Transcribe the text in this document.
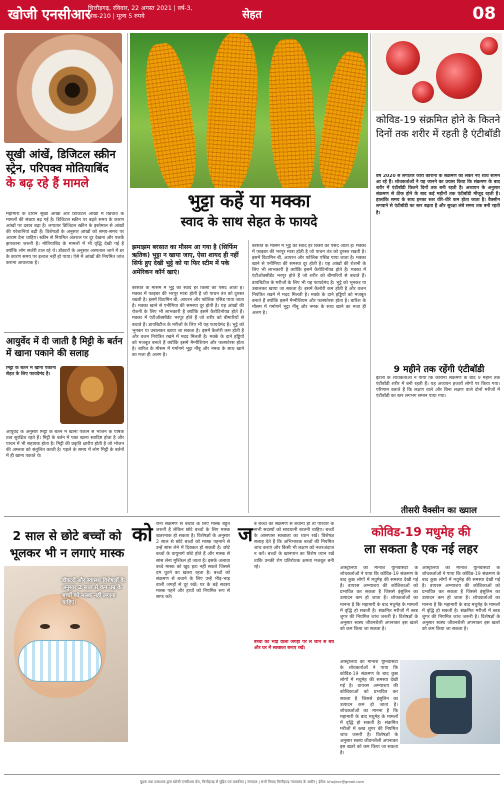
खोजी एनसीआर
चित्तौड़गढ़, रविवार, 22 अगस्त 2021 | वर्ष-3, अंक-210 | मूल्य 5 रुपये	सेहत	08
सूखी आंखें, डिजिटल स्क्रीन स्ट्रेन, परिपक्व मोतियाबिंद
के बढ़ रहे हैं मामले
महामारी के दौरान सूखी आंखों और डिजिटल आंखों में खिंचाव के मामलों की संख्या बढ़ गई है। डिजिटल स्क्रीन पर बढ़ते समय के कारण आंखों पर दबाव बढ़ा है। लगातार डिजिटल स्क्रीन के इस्तेमाल से आंखों की परेशानियां बढ़ी हैं। विशेषज्ञों के अनुसार आंखों को समय-समय पर आराम देना चाहिए। स्क्रीन से नियमित अंतराल पर दूर देखना और पलकें झपकाना जरूरी है। मोतियाबिंद के मामलों में भी वृद्धि देखी गई है क्योंकि लोग सर्जरी टाल रहे थे। डॉक्टरों के अनुसार अस्पताल जाने में डर के कारण समय पर इलाज नहीं हो पाया। ऐसे में आंखों की नियमित जांच कराना आवश्यक है।
आयुर्वेद में दी जाती है मिट्टी के बर्तन में खाना पकाने की सलाह
मिट्टी के बर्तन में खाना पकाना सेहत के लिए फायदेमंद है।
आयुर्वेद के अनुसार मिट्टी के बर्तन में खाना पकाने से भोजन के पोषक तत्व सुरक्षित रहते हैं। मिट्टी के बर्तन में पका खाना स्वादिष्ट होता है और पाचन में भी सहायक होता है। मिट्टी की प्रकृति क्षारीय होती है जो भोजन की अम्लता को संतुलित करती है। पहले के समय में लोग मिट्टी के बर्तनों में ही खाना पकाते थे।
भुट्टा कहें या मक्का
स्वाद के साथ सेहत के फायदे
झमाझम बरसात का मौसम आ गया है (सिर्फिम ऋतिक) भुट्टा न खाया जाए, ऐसा शायद ही नहीं सिर्फ हुए देखी भुट्टे को या फिर स्टीम में पके अमेरिकन कॉर्न खाएं।
बरसात के मौसम में भुट्टे का स्वाद हर किसी को पसंद आता है। मक्का में फाइबर की भरपूर मात्रा होती है जो पाचन तंत्र को दुरुस्त रखती है। इसमें विटामिन बी, आयरन और फोलिक एसिड पाया जाता है। मक्का खाने से एनीमिया की समस्या दूर होती है। यह आंखों की रोशनी के लिए भी लाभकारी है क्योंकि इसमें कैरोटिनॉयड होते हैं। मक्का में एंटीऑक्सीडेंट भरपूर होते हैं जो शरीर को बीमारियों से बचाते हैं। डायबिटीज के मरीजों के लिए भी यह फायदेमंद है। भुट्टे को भूनकर या उबालकर खाया जा सकता है। इसमें कैलोरी कम होती है और वजन नियंत्रित रखने में मदद मिलती है। मक्के के दाने हड्डियों को मजबूत बनाते हैं क्योंकि इसमें मैग्नीशियम और फास्फोरस होता है। बारिश के मौसम में गर्मागर्म भुट्टा नींबू और नमक के साथ खाने का मजा ही अलग है।
बरसात के मौसम में भुट्टे का स्वाद हर किसी को पसंद आता है। मक्का में फाइबर की भरपूर मात्रा होती है जो पाचन तंत्र को दुरुस्त रखती है। इसमें विटामिन बी, आयरन और फोलिक एसिड पाया जाता है। मक्का खाने से एनीमिया की समस्या दूर होती है। यह आंखों की रोशनी के लिए भी लाभकारी है क्योंकि इसमें कैरोटिनॉयड होते हैं। मक्का में एंटीऑक्सीडेंट भरपूर होते हैं जो शरीर को बीमारियों से बचाते हैं। डायबिटीज के मरीजों के लिए भी यह फायदेमंद है। भुट्टे को भूनकर या उबालकर खाया जा सकता है। इसमें कैलोरी कम होती है और वजन नियंत्रित रखने में मदद मिलती है। मक्के के दाने हड्डियों को मजबूत बनाते हैं क्योंकि इसमें मैग्नीशियम और फास्फोरस होता है। बारिश के मौसम में गर्मागर्म भुट्टा नींबू और नमक के साथ खाने का मजा ही अलग है।
कोविड-19 संक्रमित होने के कितने दिनों तक शरीर में रहती है एंटीबॉडी
वर्ष 2020 से लगातार जारी कोरोना के संक्रमण को लेकर नए शोध सामने आ रहे हैं। शोधकर्ताओं ने यह जानने का प्रयास किया कि संक्रमण के बाद शरीर में एंटीबॉडी कितने दिनों तक बनी रहती है। अध्ययन के अनुसार संक्रमण से ठीक होने के बाद कई महीनों तक एंटीबॉडी मौजूद रहती है। हालांकि समय के साथ इनका स्तर धीरे-धीरे कम होता जाता है। वैक्सीन लगवाने से एंटीबॉडी का स्तर बढ़ता है और सुरक्षा लंबे समय तक बनी रहती है।
9 महीने तक रहेंगी एंटीबॉडी
इटली के शोधकर्ताओं ने पाया कि कोरोना संक्रमण के बाद 9 महीने तक एंटीबॉडी शरीर में बनी रहती हैं। यह अध्ययन हजारों लोगों पर किया गया। परिणाम बताते हैं कि लक्षण वाले और बिना लक्षण वाले दोनों मरीजों में एंटीबॉडी का स्तर लगभग समान पाया गया।
तीसरी वैक्सीन का ख्याल
2 साल से छोटे बच्चों को भूलकर भी न लगाएं मास्क
डॉक्टरों और स्वास्थ्य विशेषज्ञों के अनुसार 2 साल से कम उम्र के बच्चों को मास्क नहीं लगाना चाहिए।
को रोना संक्रमण से बचाव के लिए मास्क बहुत जरूरी है लेकिन छोटे बच्चों के लिए मास्क खतरनाक हो सकता है। विशेषज्ञों के अनुसार 2 साल से छोटे बच्चों को मास्क पहनाने से उन्हें सांस लेने में दिक्कत हो सकती है। छोटे बच्चों के वायुमार्ग छोटे होते हैं और मास्क से सांस लेना मुश्किल हो जाता है। इसके अलावा बच्चे मास्क को खुद हटा नहीं सकते जिससे दम घुटने का खतरा रहता है। बच्चों को संक्रमण से बचाने के लिए उन्हें भीड़-भाड़ वाली जगहों से दूर रखें। घर के बड़े सदस्य मास्क पहनें और हाथों को नियमित रूप से साफ करें।
ज ब बच्चों को संक्रमण से बचाना हो तो परिवार के सभी सदस्यों को सावधानी बरतनी चाहिए। बच्चों के आसपास स्वच्छता का ध्यान रखें। विशेषज्ञ सलाह देते हैं कि अभिभावक बच्चों की नियमित जांच कराएं और किसी भी लक्षण को नजरअंदाज न करें। बच्चों के खानपान का विशेष ध्यान रखें ताकि उनकी रोग प्रतिरोधक क्षमता मजबूत बनी रहे।
बच्चों को भीड़ वाली जगहों पर ले जाने से बचें और घर में स्वच्छता बनाए रखें।
कोविड-19 मधुमेह की
ला सकता है एक नई लहर
ऑस्ट्रेलिया की मोनाश यूनिवर्सिटी के शोधकर्ताओं ने पाया कि कोविड-19 संक्रमण के बाद कुछ लोगों में मधुमेह की समस्या देखी गई है। वायरस अग्न्याशय की कोशिकाओं को प्रभावित कर सकता है जिससे इंसुलिन का उत्पादन कम हो जाता है। शोधकर्ताओं का मानना है कि महामारी के बाद मधुमेह के मामलों में वृद्धि हो सकती है। संक्रमित मरीजों में ब्लड शुगर की नियमित जांच जरूरी है। विशेषज्ञों के अनुसार स्वस्थ जीवनशैली अपनाकर इस खतरे को कम किया जा सकता है।
ऑस्ट्रेलिया की मोनाश यूनिवर्सिटी के शोधकर्ताओं ने पाया कि कोविड-19 संक्रमण के बाद कुछ लोगों में मधुमेह की समस्या देखी गई है। वायरस अग्न्याशय की कोशिकाओं को प्रभावित कर सकता है जिससे इंसुलिन का उत्पादन कम हो जाता है। शोधकर्ताओं का मानना है कि महामारी के बाद मधुमेह के मामलों में वृद्धि हो सकती है। संक्रमित मरीजों में ब्लड शुगर की नियमित जांच जरूरी है। विशेषज्ञों के अनुसार स्वस्थ जीवनशैली अपनाकर इस खतरे को कम किया जा सकता है।
ऑस्ट्रेलिया की मोनाश यूनिवर्सिटी के शोधकर्ताओं ने पाया कि कोविड-19 संक्रमण के बाद कुछ लोगों में मधुमेह की समस्या देखी गई है। वायरस अग्न्याशय की कोशिकाओं को प्रभावित कर सकता है जिससे इंसुलिन का उत्पादन कम हो जाता है। शोधकर्ताओं का मानना है कि महामारी के बाद मधुमेह के मामलों में वृद्धि हो सकती है। संक्रमित मरीजों में ब्लड शुगर की नियमित जांच जरूरी है। विशेषज्ञों के अनुसार स्वस्थ जीवनशैली अपनाकर इस खतरे को कम किया जा सकता है।
मुद्रक तथा प्रकाशक द्वारा खोजी एनसीआर प्रेस, चित्तौड़गढ़ से मुद्रित एवं प्रकाशित | संपादक | सभी विवाद चित्तौड़गढ़ न्यायालय के अधीन | ईमेल: khojincr@gmail.com
